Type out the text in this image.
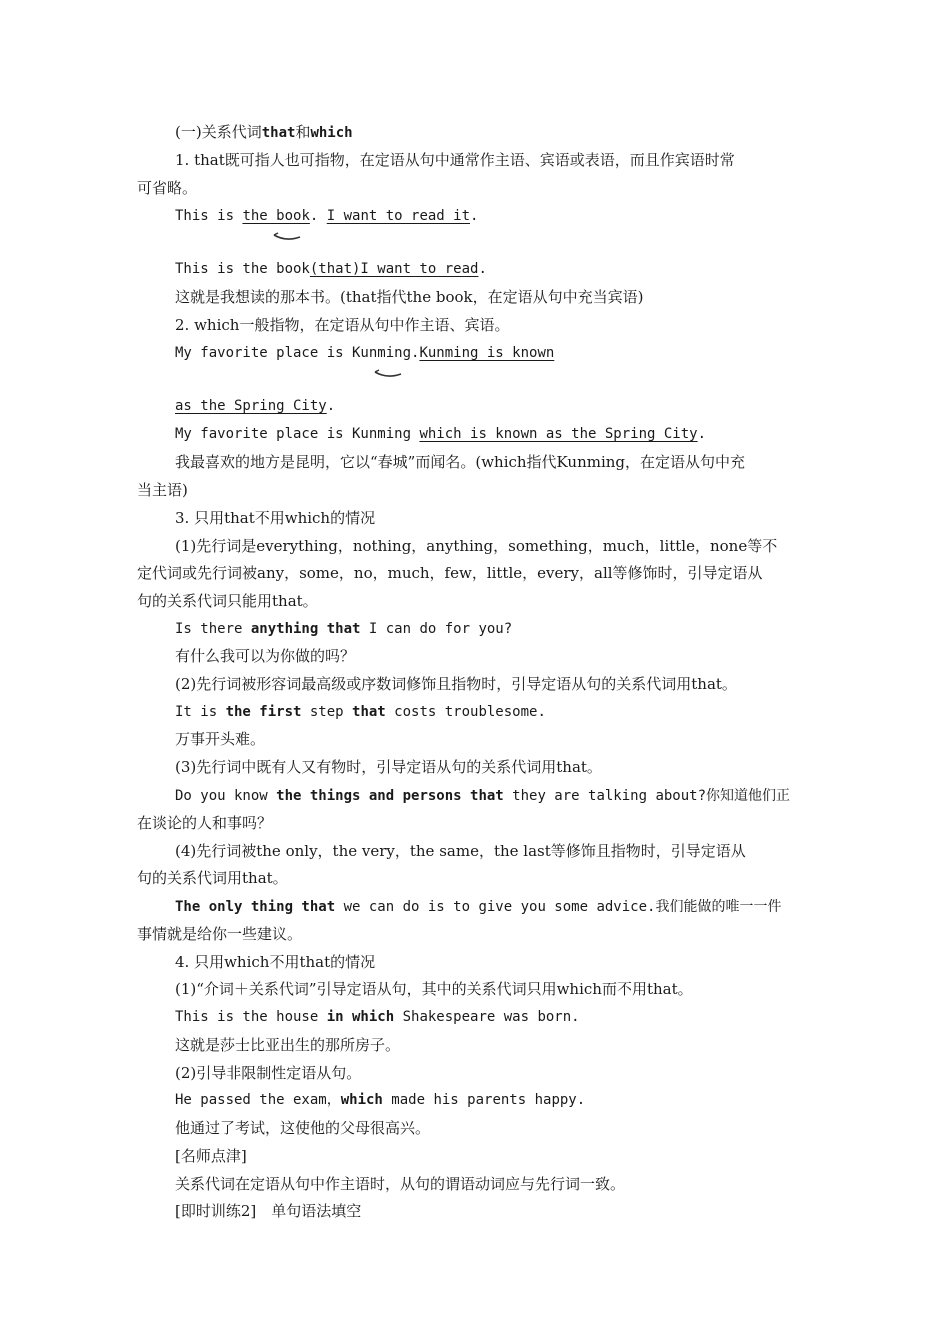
(一)关系代词that和which
1. that既可指人也可指物，在定语从句中通常作主语、宾语或表语，而且作宾语时常
可省略。
This is the book. I want to read it.
This is the book(that)I want to read.
这就是我想读的那本书。(that指代the book，在定语从句中充当宾语)
2. which一般指物，在定语从句中作主语、宾语。
My favorite place is Kunming.Kunming is known
as the Spring City.
My favorite place is Kunming which is known as the Spring City.
我最喜欢的地方是昆明，它以“春城”而闻名。(which指代Kunming，在定语从句中充
当主语)
3. 只用that不用which的情况
(1)先行词是everything，nothing，anything，something，much，little，none等不
定代词或先行词被any，some，no，much，few，little，every，all等修饰时，引导定语从
句的关系代词只能用that。
Is there anything that I can do for you?
有什么我可以为你做的吗？
(2)先行词被形容词最高级或序数词修饰且指物时，引导定语从句的关系代词用that。
It is the first step that costs troublesome.
万事开头难。
(3)先行词中既有人又有物时，引导定语从句的关系代词用that。
Do you know the things and persons that they are talking about?你知道他们正
在谈论的人和事吗？
(4)先行词被the only，the very，the same，the last等修饰且指物时，引导定语从
句的关系代词用that。
The only thing that we can do is to give you some advice.我们能做的唯一一件
事情就是给你一些建议。
4. 只用which不用that的情况
(1)“介词＋关系代词”引导定语从句，其中的关系代词只用which而不用that。
This is the house in which Shakespeare was born.
这就是莎士比亚出生的那所房子。
(2)引导非限制性定语从句。
He passed the exam，which made his parents happy.
他通过了考试，这使他的父母很高兴。
[名师点津]
关系代词在定语从句中作主语时，从句的谓语动词应与先行词一致。
[即时训练2]　单句语法填空
